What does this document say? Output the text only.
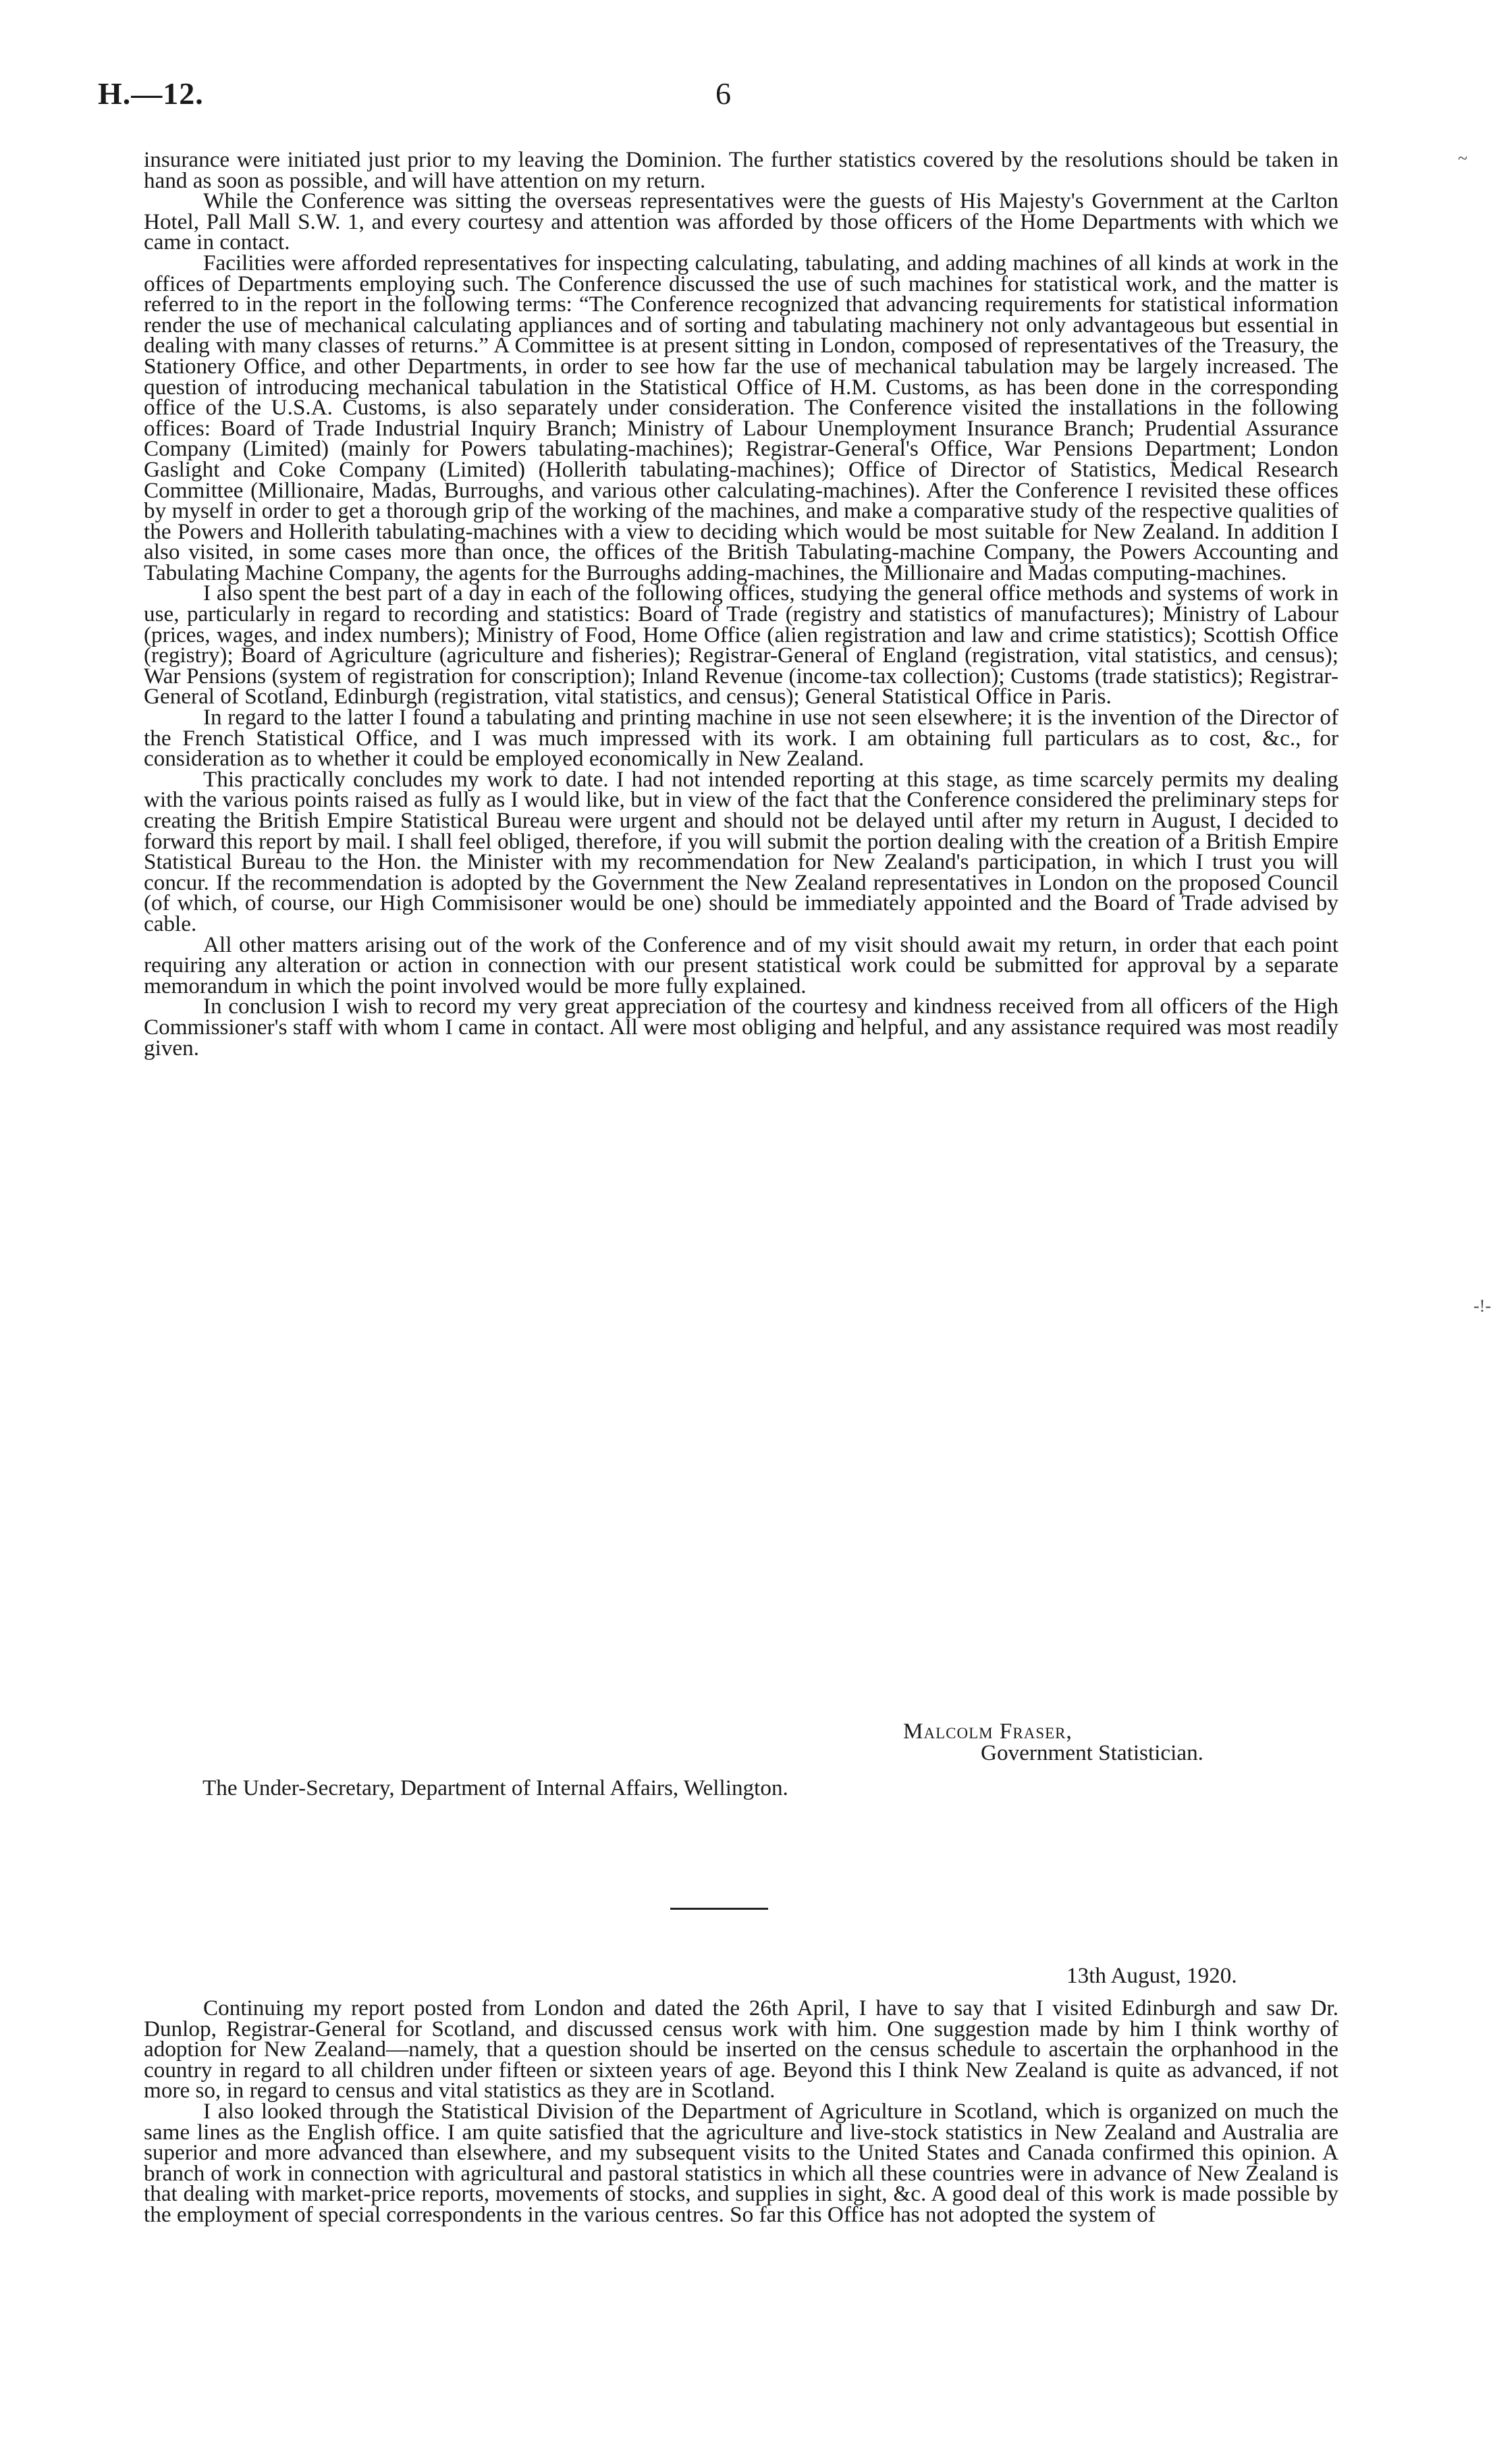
H.—12.	6
~
-!-

insurance were initiated just prior to my leaving the Dominion. The further statistics covered by the resolutions should be taken in hand as soon as possible, and will have attention on my return.

While the Conference was sitting the overseas representatives were the guests of His Majesty's Government at the Carlton Hotel, Pall Mall S.W. 1, and every courtesy and attention was afforded by those officers of the Home Departments with which we came in contact.

Facilities were afforded representatives for inspecting calculating, tabulating, and adding machines of all kinds at work in the offices of Departments employing such. The Conference discussed the use of such machines for statistical work, and the matter is referred to in the report in the following terms: “The Conference recognized that advancing requirements for statistical information render the use of mechanical calculating appliances and of sorting and tabulating machinery not only advantageous but essential in dealing with many classes of returns.” A Committee is at present sitting in London, composed of representatives of the Treasury, the Stationery Office, and other Departments, in order to see how far the use of mechanical tabulation may be largely increased. The question of introducing mechanical tabulation in the Statistical Office of H.M. Customs, as has been done in the corresponding office of the U.S.A. Customs, is also separately under consideration. The Conference visited the installations in the following offices: Board of Trade Industrial Inquiry Branch; Ministry of Labour Unemployment Insurance Branch; Prudential Assurance Company (Limited) (mainly for Powers tabulating-machines); Registrar-General's Office, War Pensions Department; London Gaslight and Coke Company (Limited) (Hollerith tabulating-machines); Office of Director of Statistics, Medical Research Committee (Millionaire, Madas, Burroughs, and various other calculating-machines). After the Conference I revisited these offices by myself in order to get a thorough grip of the working of the machines, and make a comparative study of the respective qualities of the Powers and Hollerith tabulating-machines with a view to deciding which would be most suitable for New Zealand. In addition I also visited, in some cases more than once, the offices of the British Tabulating-machine Company, the Powers Accounting and Tabulating Machine Company, the agents for the Burroughs adding-machines, the Millionaire and Madas computing-machines.

I also spent the best part of a day in each of the following offices, studying the general office methods and systems of work in use, particularly in regard to recording and statistics: Board of Trade (registry and statistics of manufactures); Ministry of Labour (prices, wages, and index numbers); Ministry of Food, Home Office (alien registration and law and crime statistics); Scottish Office (registry); Board of Agriculture (agriculture and fisheries); Registrar-General of England (registration, vital statistics, and census); War Pensions (system of registration for conscription); Inland Revenue (income-tax collection); Customs (trade statistics); Registrar-General of Scotland, Edinburgh (registration, vital statistics, and census); General Statistical Office in Paris.

In regard to the latter I found a tabulating and printing machine in use not seen elsewhere; it is the invention of the Director of the French Statistical Office, and I was much impressed with its work. I am obtaining full particulars as to cost, &c., for consideration as to whether it could be employed economically in New Zealand.

This practically concludes my work to date. I had not intended reporting at this stage, as time scarcely permits my dealing with the various points raised as fully as I would like, but in view of the fact that the Conference considered the preliminary steps for creating the British Empire Statistical Bureau were urgent and should not be delayed until after my return in August, I decided to forward this report by mail. I shall feel obliged, therefore, if you will submit the portion dealing with the creation of a British Empire Statistical Bureau to the Hon. the Minister with my recommendation for New Zealand's participation, in which I trust you will concur. If the recommendation is adopted by the Government the New Zealand representatives in London on the proposed Council (of which, of course, our High Commisisoner would be one) should be immediately appointed and the Board of Trade advised by cable.

All other matters arising out of the work of the Conference and of my visit should await my return, in order that each point requiring any alteration or action in connection with our present statistical work could be submitted for approval by a separate memorandum in which the point involved would be more fully explained.

In conclusion I wish to record my very great appreciation of the courtesy and kindness received from all officers of the High Commissioner's staff with whom I came in contact. All were most obliging and helpful, and any assistance required was most readily given.

Malcolm Fraser,
Government Statistician.
The Under-Secretary, Department of Internal Affairs, Wellington.
13th August, 1920.

Continuing my report posted from London and dated the 26th April, I have to say that I visited Edinburgh and saw Dr. Dunlop, Registrar-General for Scotland, and discussed census work with him. One suggestion made by him I think worthy of adoption for New Zealand—namely, that a question should be inserted on the census schedule to ascertain the orphanhood in the country in regard to all children under fifteen or sixteen years of age. Beyond this I think New Zealand is quite as advanced, if not more so, in regard to census and vital statistics as they are in Scotland.

I also looked through the Statistical Division of the Department of Agriculture in Scotland, which is organized on much the same lines as the English office. I am quite satisfied that the agriculture and live-stock statistics in New Zealand and Australia are superior and more advanced than elsewhere, and my subsequent visits to the United States and Canada confirmed this opinion. A branch of work in connection with agricultural and pastoral statistics in which all these countries were in advance of New Zealand is that dealing with market-price reports, movements of stocks, and supplies in sight, &c. A good deal of this work is made possible by the employment of special correspondents in the various centres. So far this Office has not adopted the system of
